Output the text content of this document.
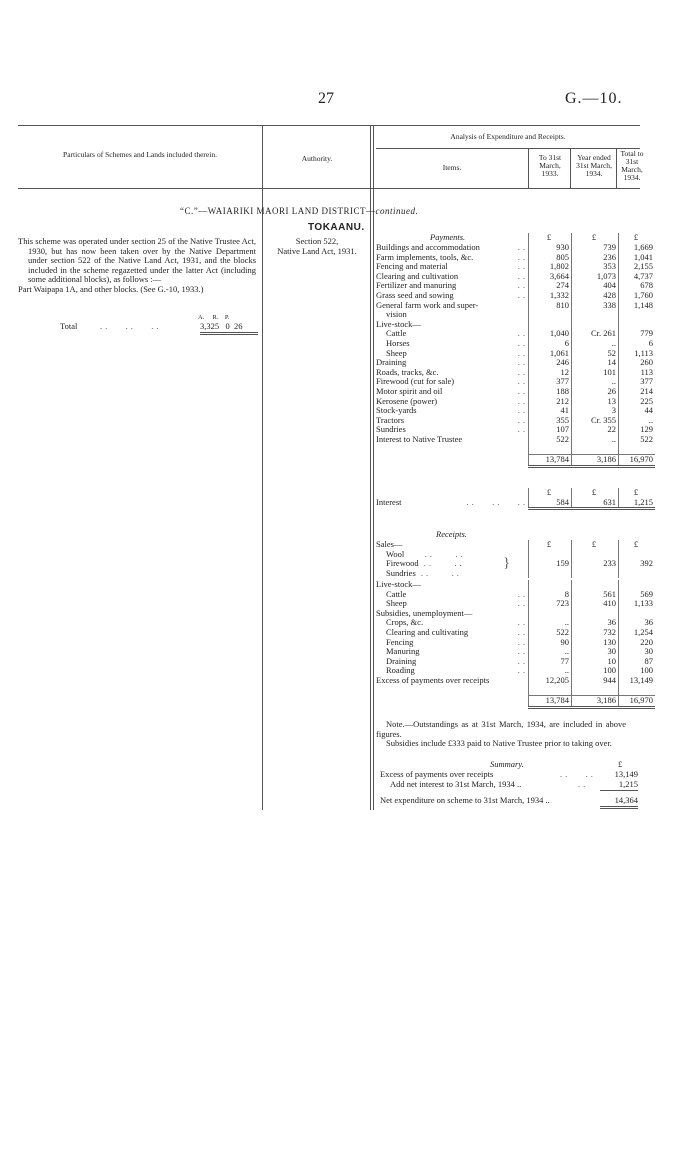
27	G.—10.
Particulars of Schemes and Lands included therein.	Authority.
Analysis of Expenditure and Receipts.
Items.
To 31st March, 1933.
Year ended 31st March, 1934.
Total to 31st March, 1934.
“C.”—WAIARIKI MAORI LAND DISTRICT—continued.
TOKAANU.

This scheme was operated under section 25 of the Native Trustee Act, 1930, but has now been taken over by the Native Department under section 522 of the Native Land Act, 1931, and the blocks included in the scheme regazetted under the latter Act (including some additional blocks), as follows :—

Part Waipapa 1A, and other blocks. (See G.-10, 1933.)

A. R. P.
Total	..   ..   ..	3,325 0 26
Section 522,
Native Land Act, 1931.
Payments.
		£	£	£
Buildings and accommodation ..	930	739	1,669
Farm implements, tools, &c. ..	805	236	1,041
Fencing and material ..	1,802	353	2,155
Clearing and cultivation ..	3,664	1,073	4,737
Fertilizer and manuring ..	274	404	678
Grass seed and sowing ..	1,332	428	1,760
General farm work and super-	810	338	1,148
vision			
Live-stock—			
Cattle ..	1,040	Cr. 261	779
Horses ..	6	..	6
Sheep ..	1,061	52	1,113
Draining ..	246	14	260
Roads, tracks, &c. ..	12	101	113
Firewood (cut for sale) ..	377	..	377
Motor spirit and oil ..	188	26	214
Kerosene (power) ..	212	13	225
Stock-yards ..	41	3	44
Tractors ..	355	Cr. 355	..
Sundries ..	107	22	129
Interest to Native Trustee	522	..	522

	13,784	3,186	16,970
	£	£	£
Interest ..   ..   ..	584	631	1,215
Receipts.
Sales—	£	£	£
Wool    ..    ..			
Firewood ..    .. }	159	233	392
Sundries ..    ..			
Live-stock—			
Cattle ..	8	561	569
Sheep ..	723	410	1,133
Subsidies, unemployment—			
Crops, &c. ..	..	36	36
Clearing and cultivating ..	522	732	1,254
Fencing ..	90	130	220
Manuring ..	..	30	30
Draining ..	77	10	87
Roading ..	..	100	100
Excess of payments over receipts	12,205	944	13,149

	13,784	3,186	16,970

Note.—Outstandings as at 31st March, 1934, are included in above figures.

Subsidies include £333 paid to Native Trustee prior to taking over.

Summary.	£
Excess of payments over receipts	..   ..	13,149
Add net interest to 31st March, 1934 ..	..	1,215
Net expenditure on scheme to 31st March, 1934 ..	14,364
